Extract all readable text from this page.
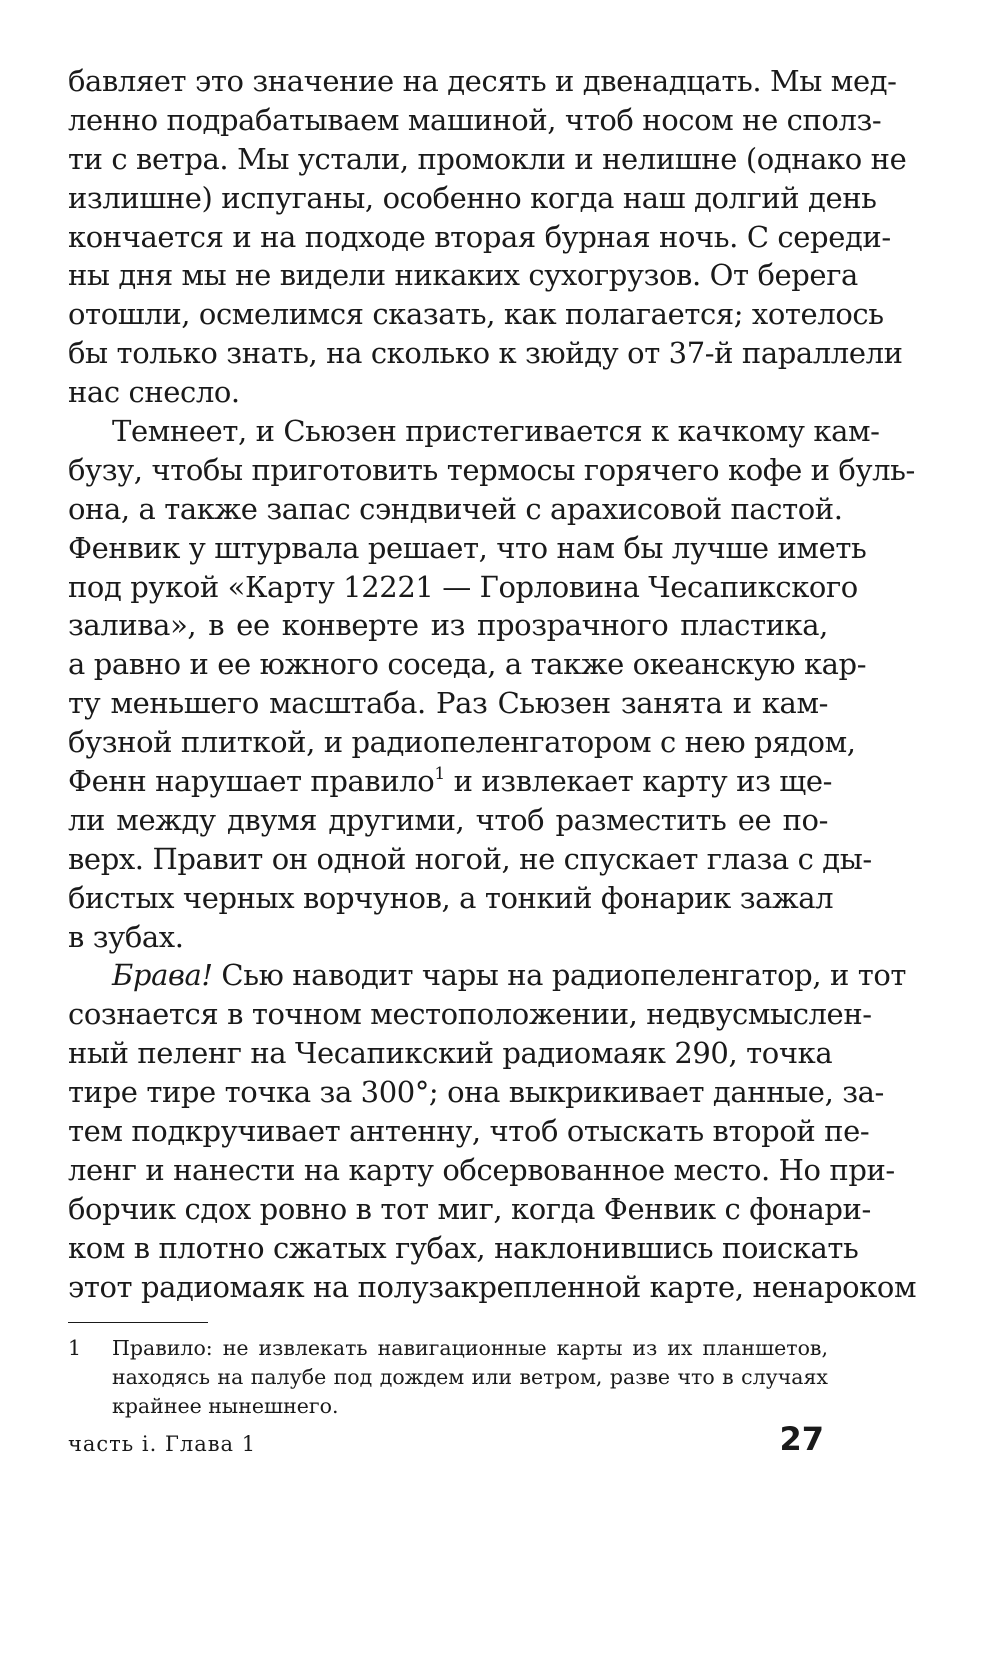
бавляет это значение на десять и двенадцать. Мы мед-
ленно подрабатываем машиной, чтоб носом не сполз-
ти с ветра. Мы устали, промокли и нелишне (однако не
излишне) испуганы, особенно когда наш долгий день
кончается и на подходе вторая бурная ночь. С середи-
ны дня мы не видели никаких сухогрузов. От берега
отошли, осмелимся сказать, как полагается; хотелось
бы только знать, на сколько к зюйду от 37-й параллели
нас снесло.
Темнеет, и Сьюзен пристегивается к качкому кам-
бузу, чтобы приготовить термосы горячего кофе и буль-
она, а также запас сэндвичей с арахисовой пастой.
Фенвик у штурвала решает, что нам бы лучше иметь
под рукой «Карту 12221 — Горловина Чесапикского
залива», в ее конверте из прозрачного пластика,
а равно и ее южного соседа, а также океанскую кар-
ту меньшего масштаба. Раз Сьюзен занята и кам-
бузной плиткой, и радиопеленгатором с нею рядом,
Фенн нарушает правило$^1$ и извлекает карту из ще-
ли между двумя другими, чтоб разместить ее по-
верх. Правит он одной ногой, не спускает глаза с ды-
бистых черных ворчунов, а тонкий фонарик зажал
в зубах.
Брава! Сью наводит чары на радиопеленгатор, и тот
сознается в точном местоположении, недвусмыслен-
ный пеленг на Чесапикский радиомаяк 290, точка
тире тире точка за 300°; она выкрикивает данные, за-
тем подкручивает антенну, чтоб отыскать второй пе-
ленг и нанести на карту обсервованное место. Но при-
борчик сдох ровно в тот миг, когда Фенвик с фонари-
ком в плотно сжатых губах, наклонившись поискать
этот радиомаяк на полузакрепленной карте, ненароком
1 Правило: не извлекать навигационные карты из их планшетов,
находясь на палубе под дождем или ветром, разве что в случаях
крайнее нынешнего.
часть i. Глава 1	27
